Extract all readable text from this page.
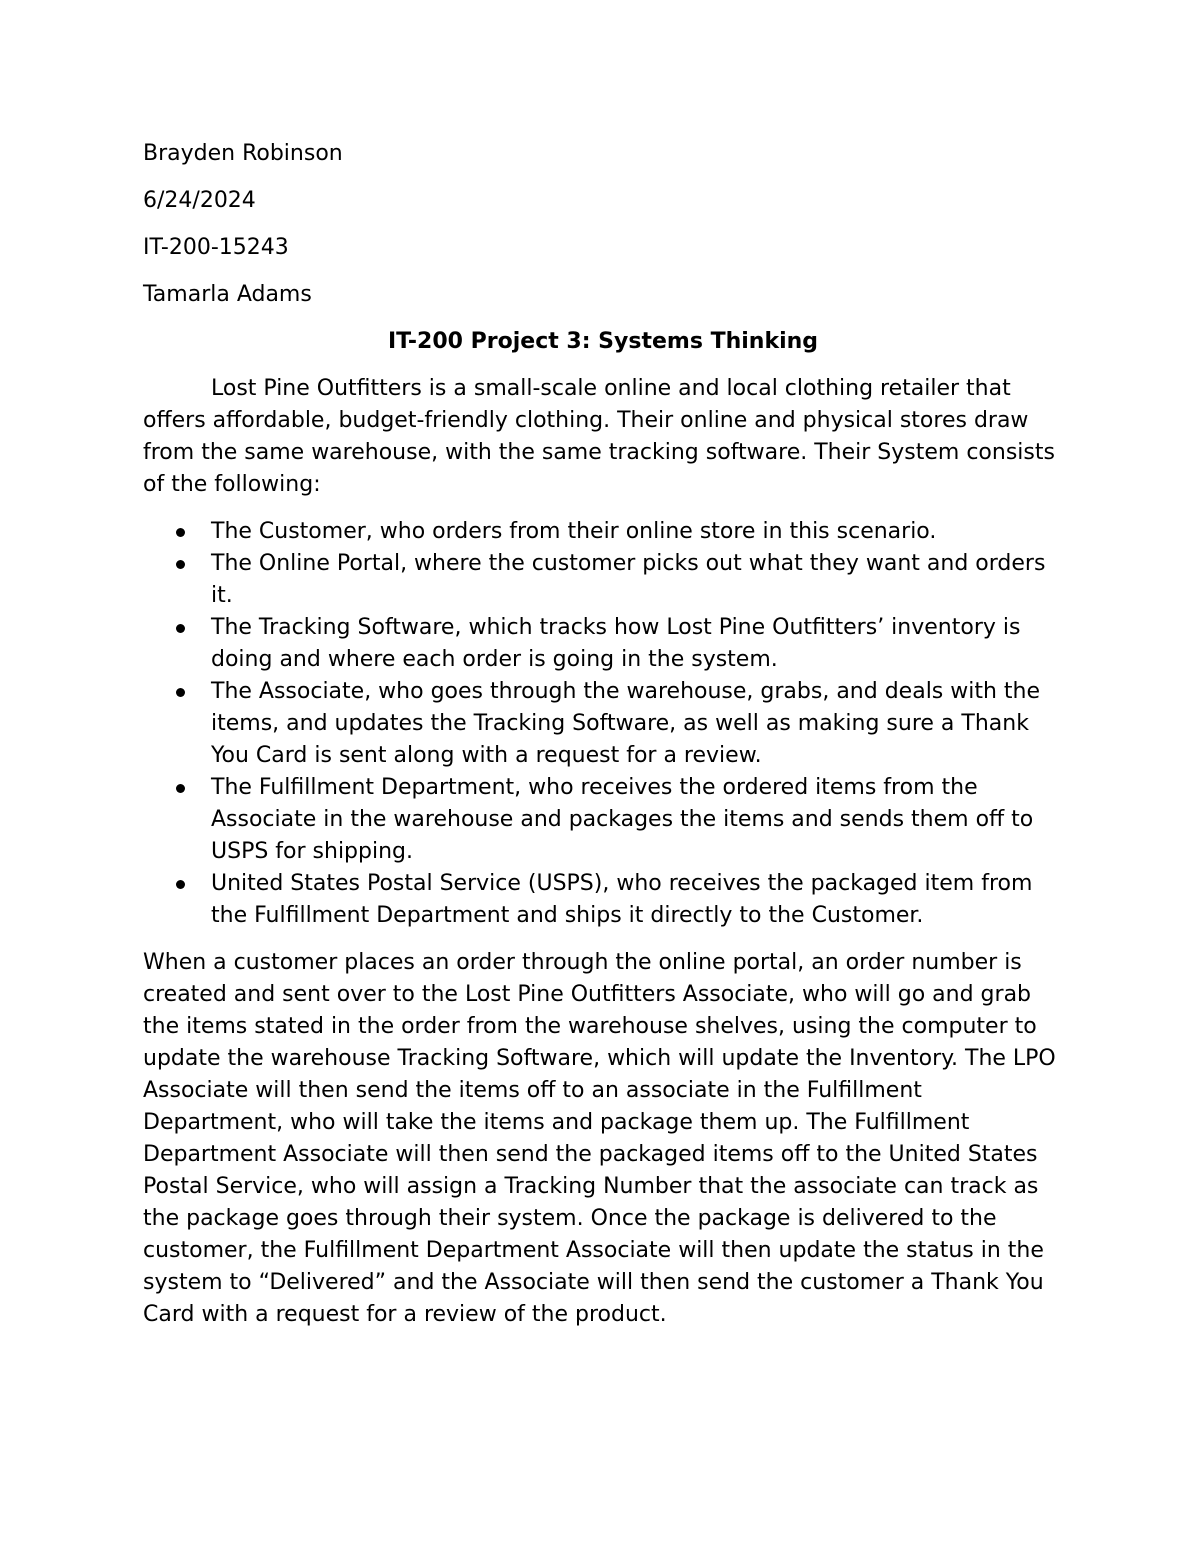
Brayden Robinson
6/24/2024
IT-200-15243
Tamarla Adams
IT-200 Project 3: Systems Thinking

Lost Pine Outfitters is a small-scale online and local clothing retailer that offers affordable, budget-friendly clothing. Their online and physical stores draw from the same warehouse, with the same tracking software. Their System consists of the following:

The Customer, who orders from their online store in this scenario.
The Online Portal, where the customer picks out what they want and orders it.
The Tracking Software, which tracks how Lost Pine Outfitters’ inventory is doing and where each order is going in the system.
The Associate, who goes through the warehouse, grabs, and deals with the items, and updates the Tracking Software, as well as making sure a Thank You Card is sent along with a request for a review.
The Fulfillment Department, who receives the ordered items from the Associate in the warehouse and packages the items and sends them off to USPS for shipping.
United States Postal Service (USPS), who receives the packaged item from the Fulfillment Department and ships it directly to the Customer.

When a customer places an order through the online portal, an order number is created and sent over to the Lost Pine Outfitters Associate, who will go and grab the items stated in the order from the warehouse shelves, using the computer to update the warehouse Tracking Software, which will update the Inventory. The LPO Associate will then send the items off to an associate in the Fulfillment Department, who will take the items and package them up. The Fulfillment Department Associate will then send the packaged items off to the United States Postal Service, who will assign a Tracking Number that the associate can track as the package goes through their system. Once the package is delivered to the customer, the Fulfillment Department Associate will then update the status in the system to “Delivered” and the Associate will then send the customer a Thank You Card with a request for a review of the product.
